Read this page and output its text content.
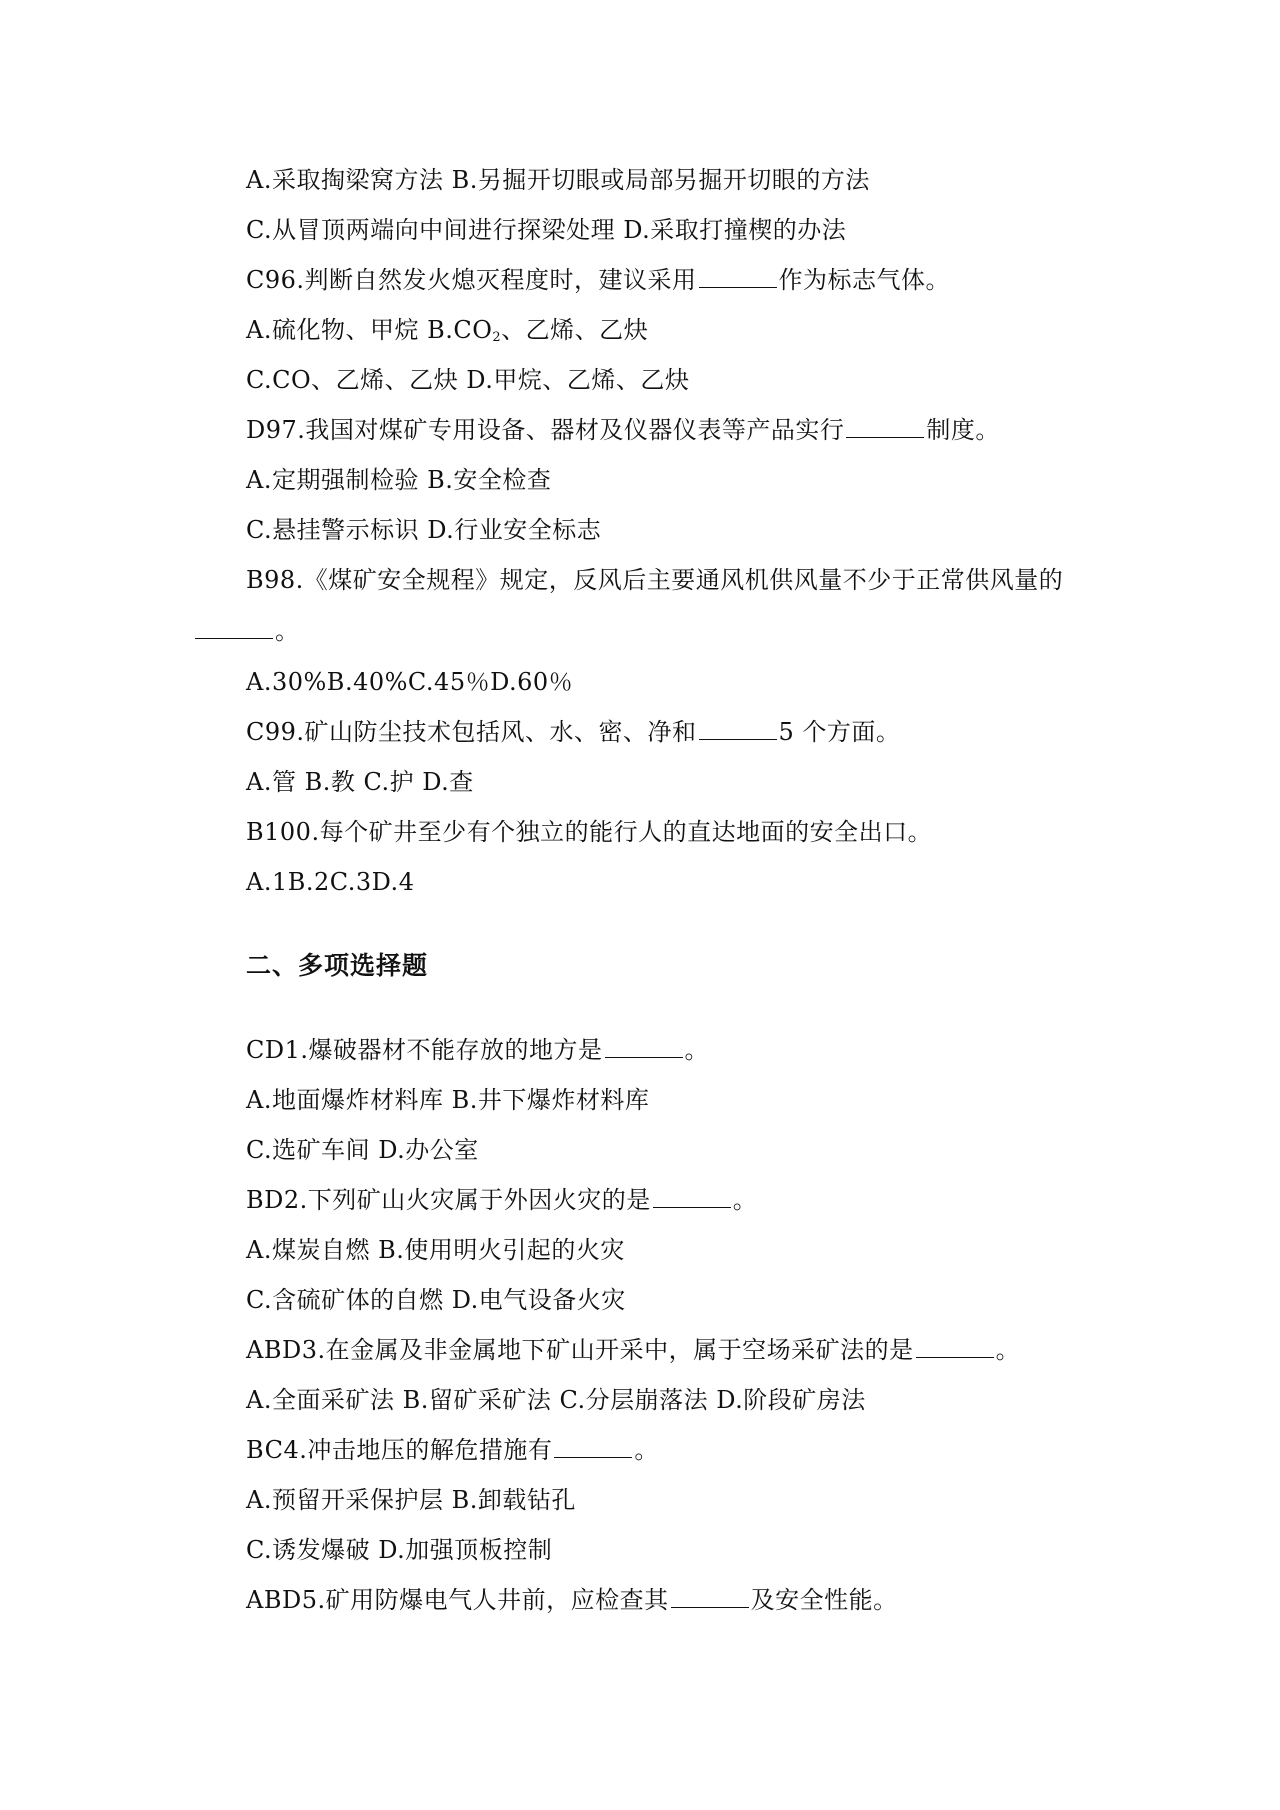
A.采取掏梁窝方法 B.另掘开切眼或局部另掘开切眼的方法
C.从冒顶两端向中间进行探梁处理 D.采取打撞楔的办法
C96.判断自然发火熄灭程度时，建议采用	作为标志气体。
A.硫化物、甲烷 $B.CO_2$、乙烯、乙炔
C.CO、乙烯、乙炔 D.甲烷、乙烯、乙炔
D97.我国对煤矿专用设备、器材及仪器仪表等产品实行	制度。
A.定期强制检验 B.安全检查
C.悬挂警示标识 D.行业安全标志
B98.《煤矿安全规程》规定，反风后主要通风机供风量不少于正常供风量的
。
A.30%B.40%C.45％D.60％
C99.矿山防尘技术包括风、水、密、净和	5 个方面。
A.管 B.教 C.护 D.查
B100.每个矿井至少有个独立的能行人的直达地面的安全出口。
A.1B.2C.3D.4
二、多项选择题
CD1.爆破器材不能存放的地方是	。
A.地面爆炸材料库 B.井下爆炸材料库
C.选矿车间 D.办公室
BD2.下列矿山火灾属于外因火灾的是	。
A.煤炭自燃 B.使用明火引起的火灾
C.含硫矿体的自燃 D.电气设备火灾
ABD3.在金属及非金属地下矿山开采中，属于空场采矿法的是	。
A.全面采矿法 B.留矿采矿法 C.分层崩落法 D.阶段矿房法
BC4.冲击地压的解危措施有	。
A.预留开采保护层 B.卸载钻孔
C.诱发爆破 D.加强顶板控制
ABD5.矿用防爆电气人井前，应检查其	及安全性能。
